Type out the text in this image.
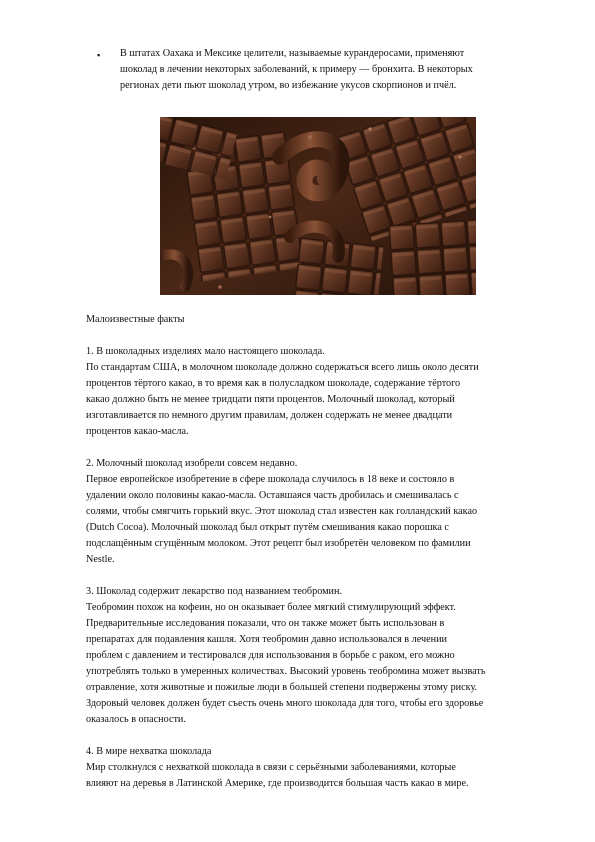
▪ В штатах Оахака и Мексике целители, называемые курандеросами, применяют
шоколад в лечении некоторых заболеваний, к примеру — бронхита. В некоторых
регионах дети пьют шоколад утром, во избежание укусов скорпионов и пчёл.

Малоизвестные факты

1. В шоколадных изделиях мало настоящего шоколада.

По стандартам США, в молочном шоколаде должно содержаться всего лишь около десяти
процентов тёртого какао, в то время как в полусладком шоколаде, содержание тёртого
какао должно быть не менее тридцати пяти процентов. Молочный шоколад, который
изготавливается по немного другим правилам, должен содержать не менее двадцати
процентов какао-масла.

2. Молочный шоколад изобрели совсем недавно.

Первое европейское изобретение в сфере шоколада случилось в 18 веке и состояло в
удалении около половины какао-масла. Оставшаяся часть дробилась и смешивалась с
солями, чтобы смягчить горький вкус. Этот шоколад стал известен как голландский какао
(Dutch Cocoa). Молочный шоколад был открыт путём смешивания какао порошка с
подслащённым сгущённым молоком. Этот рецепт был изобретён человеком по фамилии
Nestle.

3. Шоколад содержит лекарство под названием теобромин.

Теобромин похож на кофеин, но он оказывает более мягкий стимулирующий эффект.
Предварительные исследования показали, что он также может быть использован в
препаратах для подавления кашля. Хотя теобромин давно использовался в лечении
проблем с давлением и тестировался для использования в борьбе с раком, его можно
употреблять только в умеренных количествах. Высокий уровень теобромина может вызвать
отравление, хотя животные и пожилые люди в большей степени подвержены этому риску.
Здоровый человек должен будет съесть очень много шоколада для того, чтобы его здоровье
оказалось в опасности.

4. В мире нехватка шоколада

Мир столкнулся с нехваткой шоколада в связи с серьёзными заболеваниями, которые
влияют на деревья в Латинской Америке, где производится большая часть какао в мире.
